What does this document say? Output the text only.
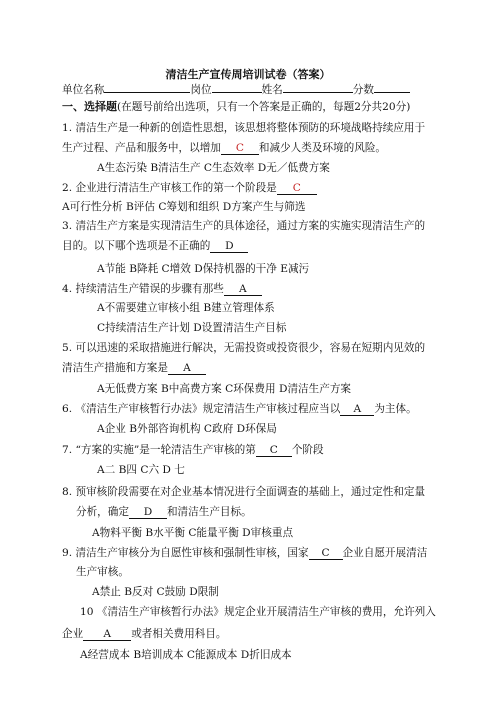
清洁生产宣传周培训试卷（答案）
单位名称	岗位	姓名	分数
一、选择题(在题号前给出选项，只有一个答案是正确的，每题2分共20分)
1. 清洁生产是一种新的创造性思想，该思想将整体预防的环境战略持续应用于
生产过程、产品和服务中，以增加 C 和减少人类及环境的风险。
A生态污染 B清洁生产 C生态效率 D无／低费方案
2. 企业进行清洁生产审核工作的第一个阶段是 C
A可行性分析 B评估 C筹划和组织 D方案产生与筛选
3. 清洁生产方案是实现清洁生产的具体途径，通过方案的实施实现清洁生产的
目的。以下哪个选项是不正确的 D
A节能 B降耗 C增效 D保持机器的干净 E减污
4. 持续清洁生产错误的步骤有那些 A
A不需要建立审核小组 B建立管理体系
C持续清洁生产计划 D设置清洁生产目标
5. 可以迅速的采取措施进行解决，无需投资或投资很少，容易在短期内见效的
清洁生产措施和方案是 A
A无低费方案 B中高费方案 C环保费用 D清洁生产方案
6. 《清洁生产审核暂行办法》规定清洁生产审核过程应当以 A 为主体。
A企业 B外部咨询机构 C政府 D环保局
7. “方案的实施”是一轮清洁生产审核的第 C 个阶段
A二 B四 C六 D 七
8. 预审核阶段需要在对企业基本情况进行全面调查的基础上，通过定性和定量
分析，确定 D 和清洁生产目标。
A物料平衡 B水平衡 C能量平衡 D审核重点
9. 清洁生产审核分为自愿性审核和强制性审核，国家 C 企业自愿开展清洁
生产审核。
A禁止 B反对 C鼓励 D限制
10 《清洁生产审核暂行办法》规定企业开展清洁生产审核的费用，允许列入
企业 A 或者相关费用科目。
A经营成本 B培训成本 C能源成本 D折旧成本
